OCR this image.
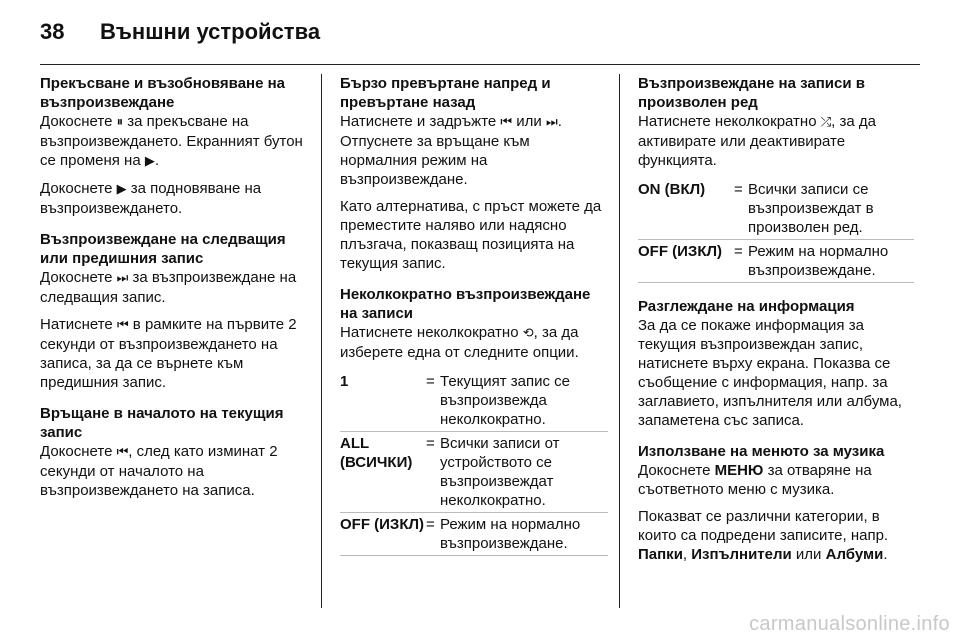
38	Външни устройства
Прекъсване и възобновяване на възпроизвеждане

Докоснете ⏸ за прекъсване на възпроизвеждането. Екранният бутон се променя на ▶.

Докоснете ▶ за подновяване на възпроизвеждането.

Възпроизвеждане на следващия или предишния запис

Докоснете ⏭ за възпроизвеждане на следващия запис.

Натиснете ⏮ в рамките на първите 2 секунди от възпроизвеждането на записа, за да се върнете към предишния запис.

Връщане в началото на текущия запис

Докоснете ⏮, след като изминат 2 секунди от началото на възпроизвеждането на записа.

Бързо превъртане напред и превъртане назад

Натиснете и задръжте ⏮ или ⏭. Отпуснете за връщане към нормалния режим на възпроизвеждане.

Като алтернатива, с пръст можете да преместите наляво или надясно плъзгача, показващ позицията на текущия запис.

Неколкократно възпроизвеждане на записи

Натиснете неколкократно ⟲, за да изберете една от следните опции.

1	= Текущият запис се възпроизвежда неколкократно.
ALL (ВСИЧКИ)
= Всички записи от устройството се възпроизвеждат неколкократно.
OFF (ИЗКЛ) = Режим на нормално възпроизвеждане.
Възпроизвеждане на записи в произволен ред

Натиснете неколкократно ⤮, за да активирате или деактивирате функцията.

ON (ВКЛ)	= Всички записи се възпроизвеждат в произволен ред.
OFF (ИЗКЛ) = Режим на нормално възпроизвеждане.
Разглеждане на информация

За да се покаже информация за текущия възпроизвеждан запис, натиснете върху екрана. Показва се съобщение с информация, напр. за заглавието, изпълнителя или албума, запаметена със записа.

Използване на менюто за музика

Докоснете МЕНЮ за отваряне на съответното меню с музика.

Показват се различни категории, в които са подредени записите, напр. Папки, Изпълнители или Албуми.

carmanualsonline.info
